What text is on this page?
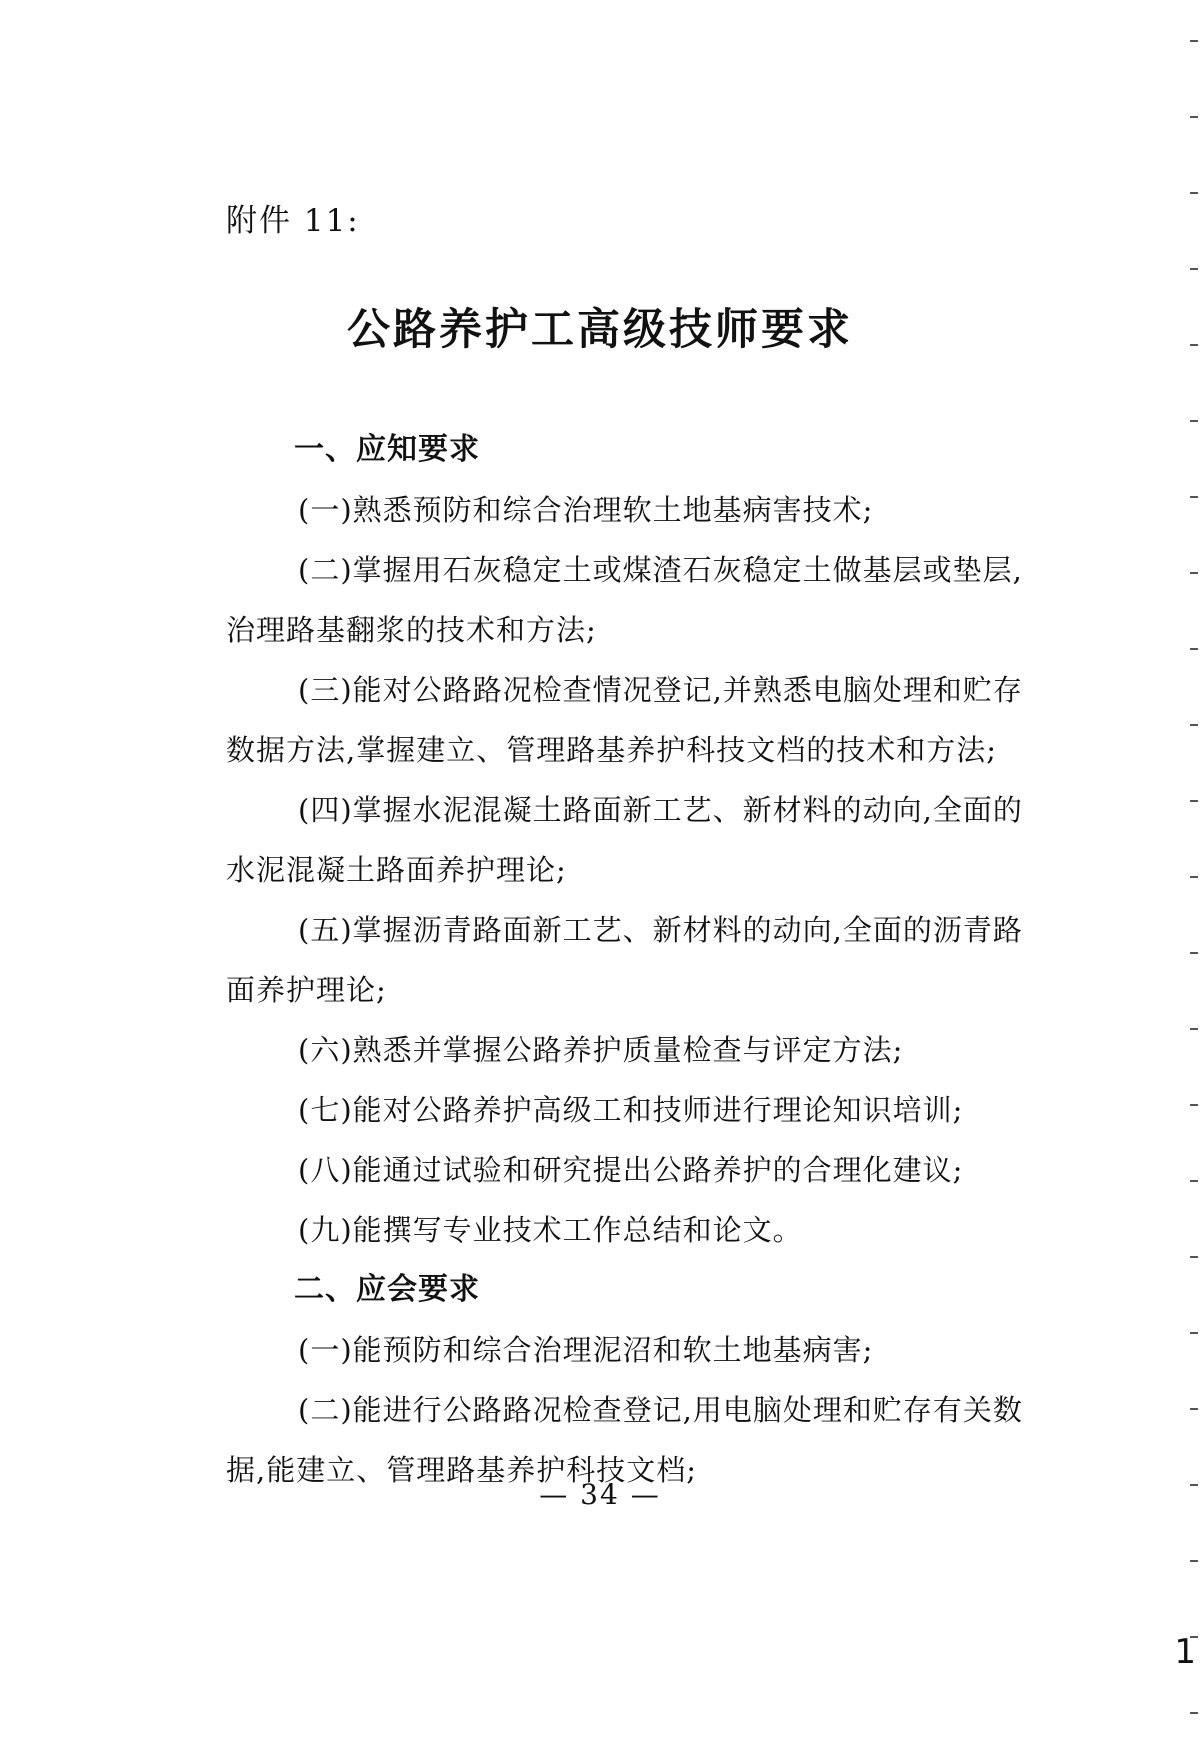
附件 11:
公路养护工高级技师要求
一、应知要求
(一)熟悉预防和综合治理软土地基病害技术;
(二)掌握用石灰稳定土或煤渣石灰稳定土做基层或垫层,
治理路基翻浆的技术和方法;
(三)能对公路路况检查情况登记,并熟悉电脑处理和贮存
数据方法,掌握建立、管理路基养护科技文档的技术和方法;
(四)掌握水泥混凝土路面新工艺、新材料的动向,全面的
水泥混凝土路面养护理论;
(五)掌握沥青路面新工艺、新材料的动向,全面的沥青路
面养护理论;
(六)熟悉并掌握公路养护质量检查与评定方法;
(七)能对公路养护高级工和技师进行理论知识培训;
(八)能通过试验和研究提出公路养护的合理化建议;
(九)能撰写专业技术工作总结和论文。
二、应会要求
(一)能预防和综合治理泥沼和软土地基病害;
(二)能进行公路路况检查登记,用电脑处理和贮存有关数
据,能建立、管理路基养护科技文档;
— 34 —
1
